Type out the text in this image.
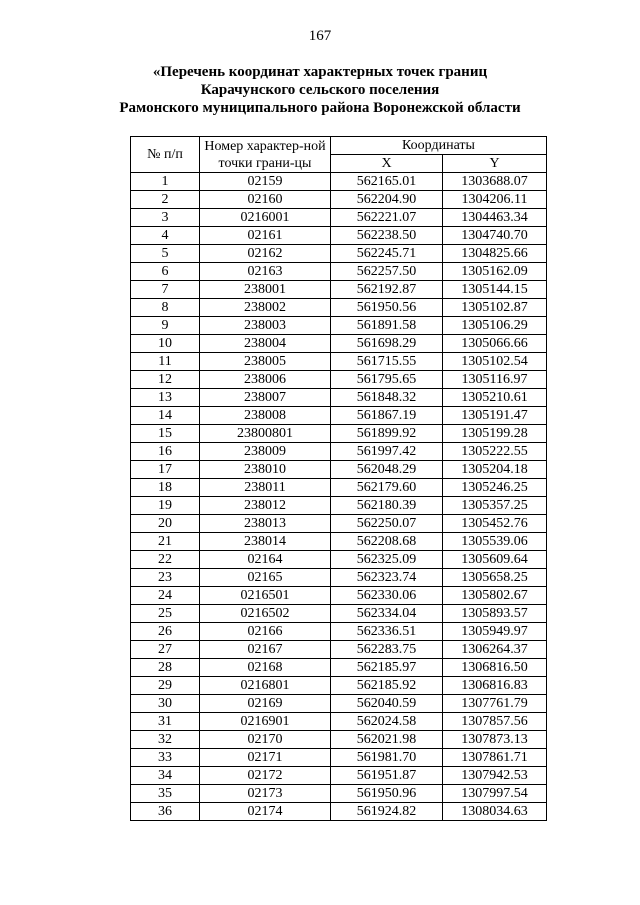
167
«Перечень координат характерных точек границ
Карачунского сельского поселения
Рамонского муниципального района Воронежской области
№ п/п	Номер характер-ной точки грани-цы	Координаты	
		X	Y
1	02159	562165.01	1303688.07
2	02160	562204.90	1304206.11
3	0216001	562221.07	1304463.34
4	02161	562238.50	1304740.70
5	02162	562245.71	1304825.66
6	02163	562257.50	1305162.09
7	238001	562192.87	1305144.15
8	238002	561950.56	1305102.87
9	238003	561891.58	1305106.29
10	238004	561698.29	1305066.66
11	238005	561715.55	1305102.54
12	238006	561795.65	1305116.97
13	238007	561848.32	1305210.61
14	238008	561867.19	1305191.47
15	23800801	561899.92	1305199.28
16	238009	561997.42	1305222.55
17	238010	562048.29	1305204.18
18	238011	562179.60	1305246.25
19	238012	562180.39	1305357.25
20	238013	562250.07	1305452.76
21	238014	562208.68	1305539.06
22	02164	562325.09	1305609.64
23	02165	562323.74	1305658.25
24	0216501	562330.06	1305802.67
25	0216502	562334.04	1305893.57
26	02166	562336.51	1305949.97
27	02167	562283.75	1306264.37
28	02168	562185.97	1306816.50
29	0216801	562185.92	1306816.83
30	02169	562040.59	1307761.79
31	0216901	562024.58	1307857.56
32	02170	562021.98	1307873.13
33	02171	561981.70	1307861.71
34	02172	561951.87	1307942.53
35	02173	561950.96	1307997.54
36	02174	561924.82	1308034.63
